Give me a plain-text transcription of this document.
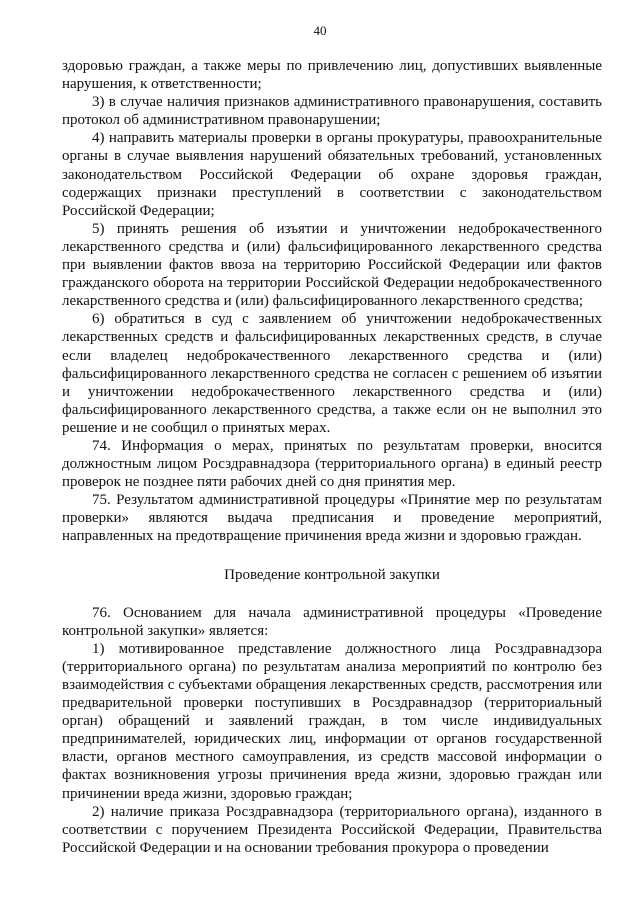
40

здоровью граждан, а также меры по привлечению лиц, допустивших выявленные нарушения, к ответственности;

3) в случае наличия признаков административного правонарушения, составить протокол об административном правонарушении;

4) направить материалы проверки в органы прокуратуры, правоохранительные органы в случае выявления нарушений обязательных требований, установленных законодательством Российской Федерации об охране здоровья граждан, содержащих признаки преступлений в соответствии с законодательством Российской Федерации;

5) принять решения об изъятии и уничтожении недоброкачественного лекарственного средства и (или) фальсифицированного лекарственного средства при выявлении фактов ввоза на территорию Российской Федерации или фактов гражданского оборота на территории Российской Федерации недоброкачественного лекарственного средства и (или) фальсифицированного лекарственного средства;

6) обратиться в суд с заявлением об уничтожении недоброкачественных лекарственных средств и фальсифицированных лекарственных средств, в случае если владелец недоброкачественного лекарственного средства и (или) фальсифицированного лекарственного средства не согласен с решением об изъятии и уничтожении недоброкачественного лекарственного средства и (или) фальсифицированного лекарственного средства, а также если он не выполнил это решение и не сообщил о принятых мерах.

74. Информация о мерах, принятых по результатам проверки, вносится должностным лицом Росздравнадзора (территориального органа) в единый реестр проверок не позднее пяти рабочих дней со дня принятия мер.

75. Результатом административной процедуры «Принятие мер по результатам проверки» являются выдача предписания и проведение мероприятий, направленных на предотвращение причинения вреда жизни и здоровью граждан.

Проведение контрольной закупки

76. Основанием для начала административной процедуры «Проведение контрольной закупки» является:

1) мотивированное представление должностного лица Росздравнадзора (территориального органа) по результатам анализа мероприятий по контролю без взаимодействия с субъектами обращения лекарственных средств, рассмотрения или предварительной проверки поступивших в Росздравнадзор (территориальный орган) обращений и заявлений граждан, в том числе индивидуальных предпринимателей, юридических лиц, информации от органов государственной власти, органов местного самоуправления, из средств массовой информации о фактах возникновения угрозы причинения вреда жизни, здоровью граждан или причинении вреда жизни, здоровью граждан;

2) наличие приказа Росздравнадзора (территориального органа), изданного в соответствии с поручением Президента Российской Федерации, Правительства Российской Федерации и на основании требования прокурора о проведении
